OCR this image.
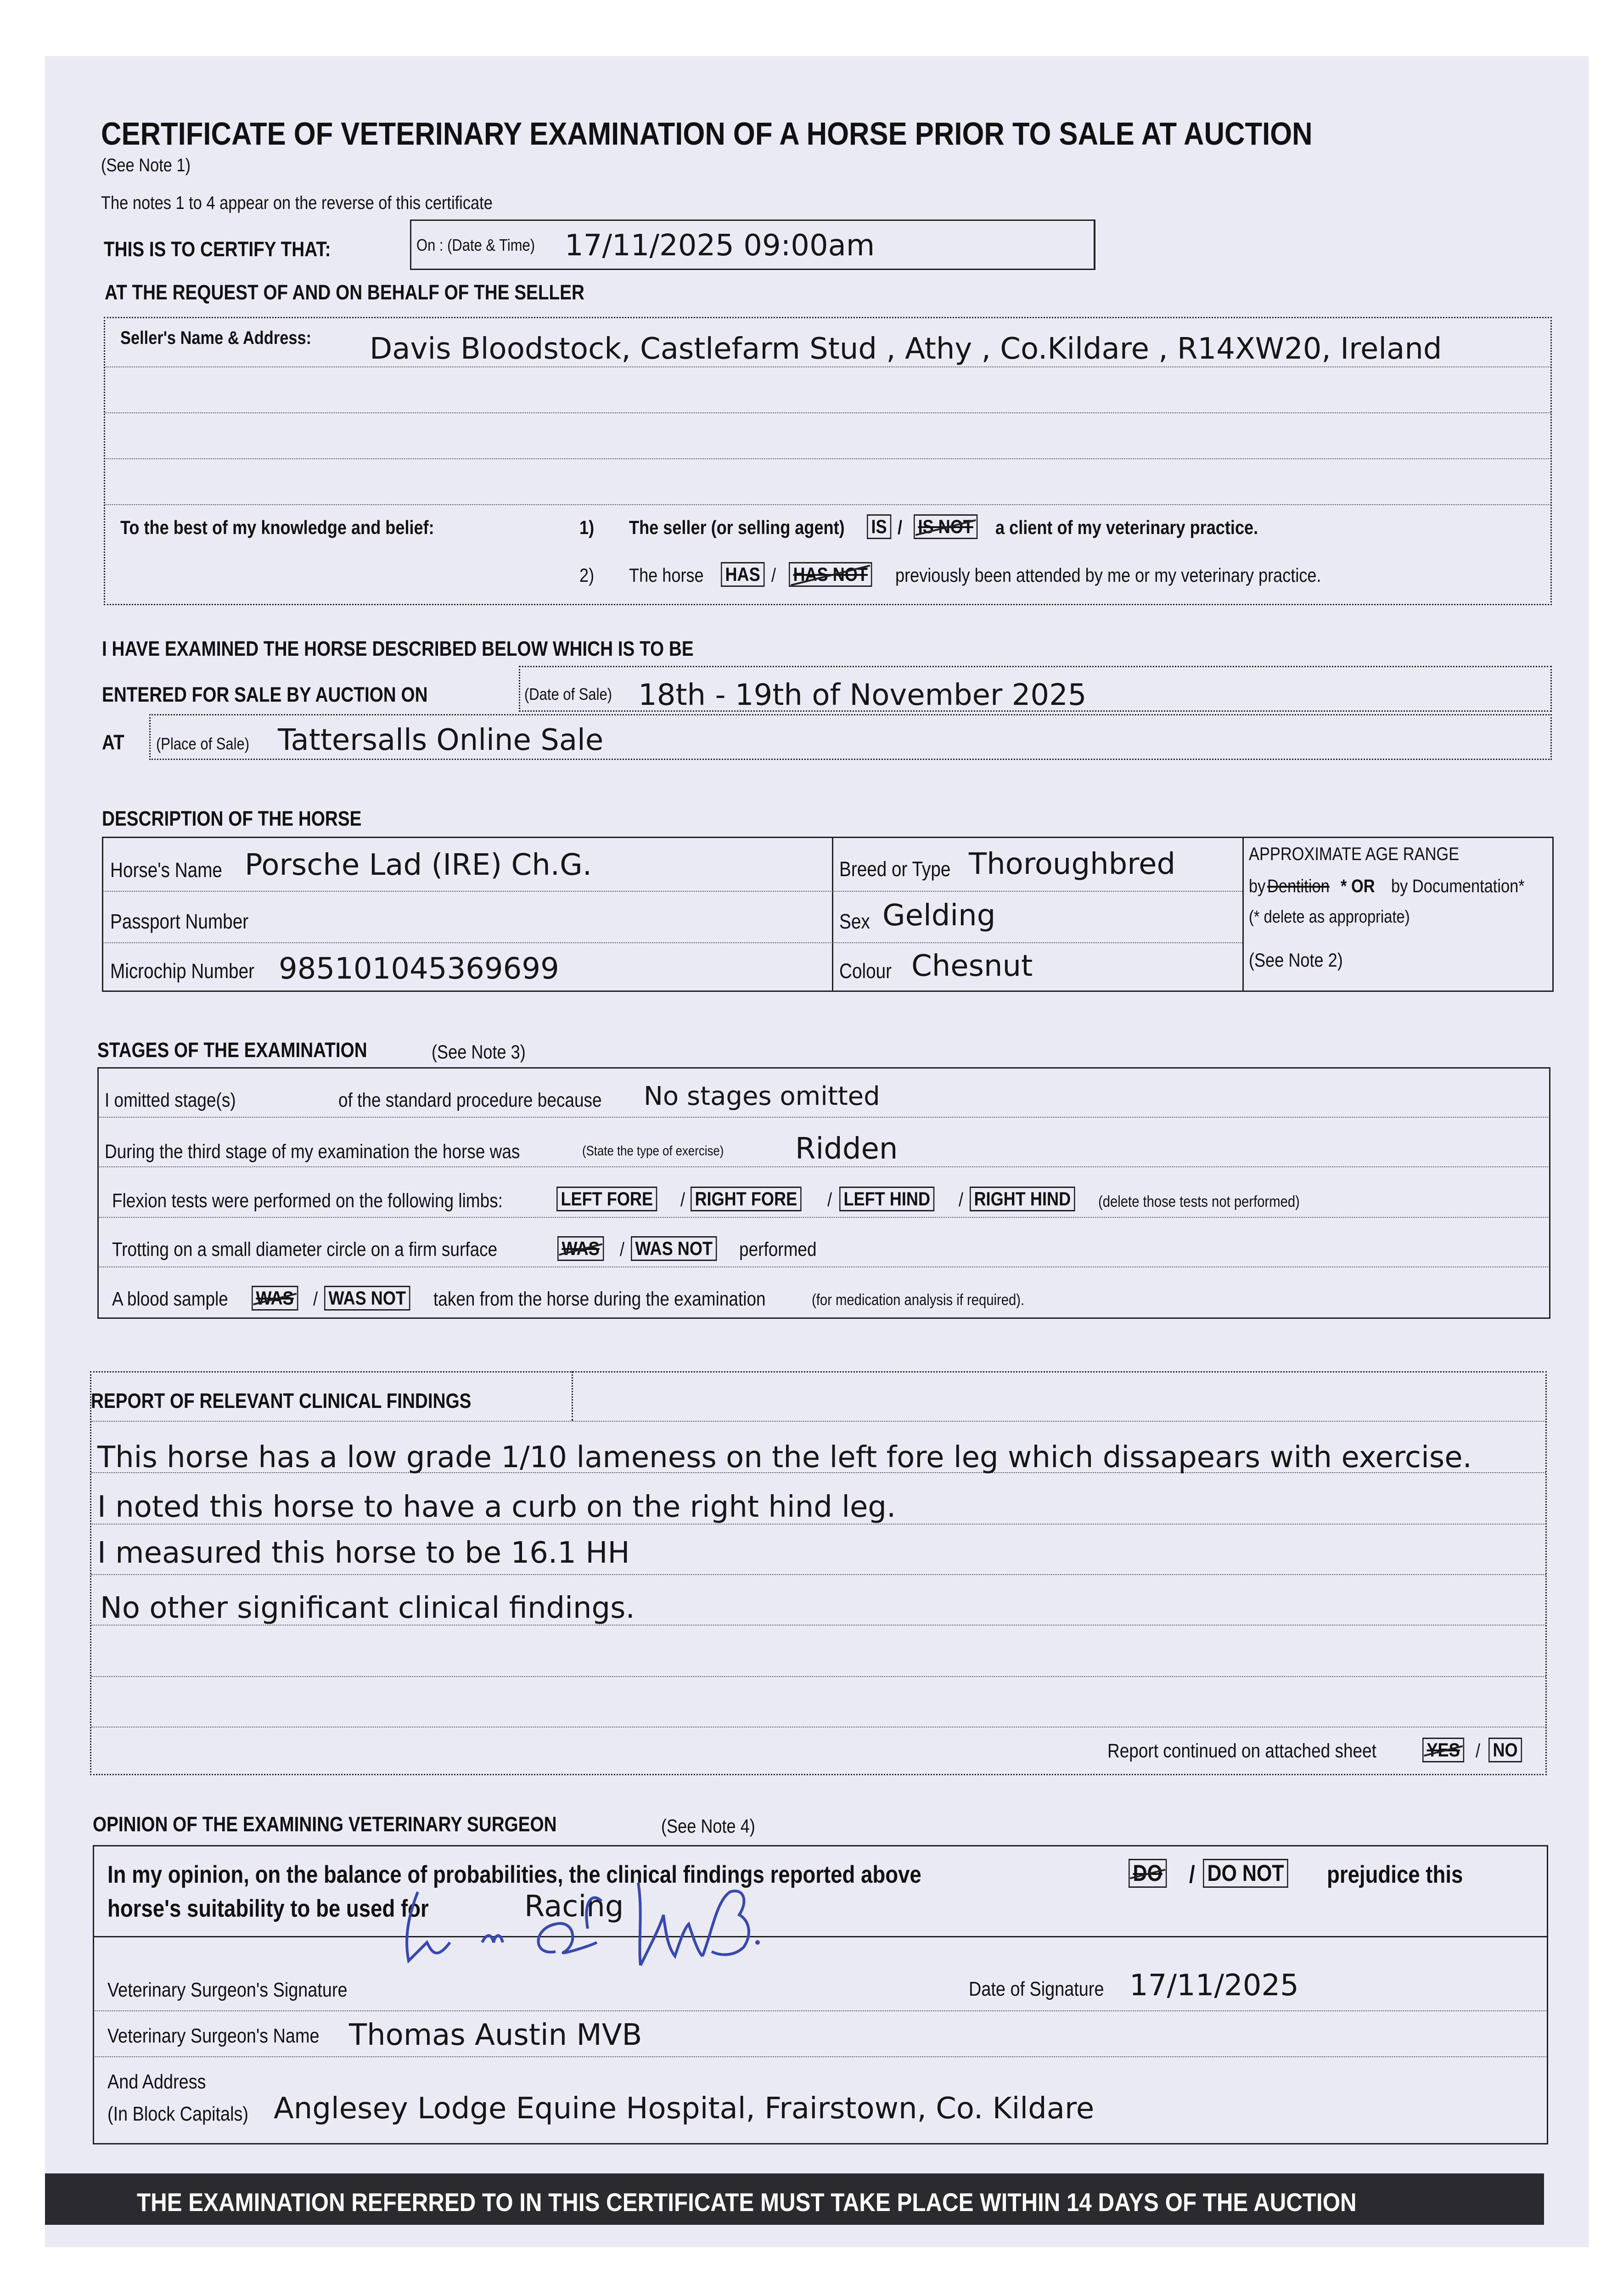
CERTIFICATE OF VETERINARY EXAMINATION OF A HORSE PRIOR TO SALE AT AUCTION
(See Note 1)
The notes 1 to 4 appear on the reverse of this certificate
THIS IS TO CERTIFY THAT:	On : (Date & Time) 17/11/2025 09:00am
AT THE REQUEST OF AND ON BEHALF OF THE SELLER
Seller's Name & Address: Davis Bloodstock, Castlefarm Stud , Athy , Co.Kildare , R14XW20, Ireland
To the best of my knowledge and belief:	1) The seller (or selling agent) IS / IS NOT a client of my veterinary practice.
2) The horse HAS / HAS NOT previously been attended by me or my veterinary practice.
I HAVE EXAMINED THE HORSE DESCRIBED BELOW WHICH IS TO BE
ENTERED FOR SALE BY AUCTION ON	(Date of Sale) 18th - 19th of November 2025
AT (Place of Sale) Tattersalls Online Sale
DESCRIPTION OF THE HORSE
Horse's Name Porsche Lad (IRE) Ch.G.
Passport Number
Microchip Number 985101045369699
Breed or Type Thoroughbred
Sex Gelding
Colour Chesnut
APPROXIMATE AGE RANGE
by Dentition * OR by Documentation*
(* delete as appropriate)
(See Note 2)
STAGES OF THE EXAMINATION	(See Note 3)
I omitted stage(s)	of the standard procedure because No stages omitted
During the third stage of my examination the horse was	(State the type of exercise) Ridden
Flexion tests were performed on the following limbs:	LEFT FORE / RIGHT FORE / LEFT HIND / RIGHT HIND (delete those tests not performed)
Trotting on a small diameter circle on a firm surface	WAS / WAS NOT performed
A blood sample WAS / WAS NOT taken from the horse during the examination	(for medication analysis if required).
REPORT OF RELEVANT CLINICAL FINDINGS
This horse has a low grade 1/10 lameness on the left fore leg which dissapears with exercise.
I noted this horse to have a curb on the right hind leg.
I measured this horse to be 16.1 HH
No other significant clinical findings.
Report continued on attached sheet	YES / NO
OPINION OF THE EXAMINING VETERINARY SURGEON	(See Note 4)
In my opinion, on the balance of probabilities, the clinical findings reported above	DO / DO NOT prejudice this
horse's suitability to be used for	Racing
Veterinary Surgeon's Signature	Date of Signature 17/11/2025
Veterinary Surgeon's Name Thomas Austin MVB
And Address
(In Block Capitals) Anglesey Lodge Equine Hospital, Frairstown, Co. Kildare
THE EXAMINATION REFERRED TO IN THIS CERTIFICATE MUST TAKE PLACE WITHIN 14 DAYS OF THE AUCTION
